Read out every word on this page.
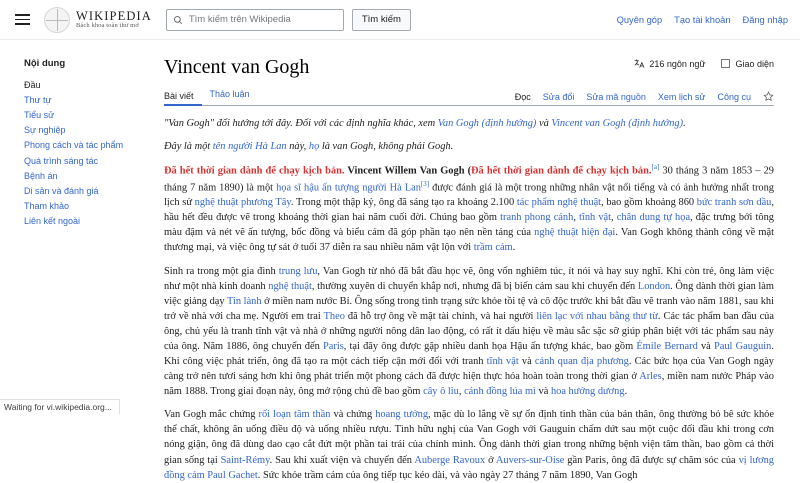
WIKIPEDIA
Bách khoa toàn thư mở
Tìm kiếm trên Wikipedia	Tìm kiếm	Quyên góp Tạo tài khoản Đăng nhập
Nội dung
Đầu
Thư tự
Tiểu sử
Sự nghiệp
Phong cách và tác phẩm
Quá trình sáng tác
Bệnh án
Di sản và đánh giá
Tham khảo
Liên kết ngoài
216 ngôn ngữ	Giao diện
Vincent van Gogh
Bài viết	Thảo luận	Đọc Sửa đổi Sửa mã nguồn Xem lịch sử Công cụ

"Van Gogh" đổi hướng tới đây. Đối với các định nghĩa khác, xem Van Gogh (định hướng) và Vincent van Gogh (định hướng).

Đây là một tên người Hà Lan này, họ là van Gogh, không phải Gogh.

Đã hết thời gian dành để chạy kịch bản. Vincent Willem Van Gogh (Đã hết thời gian dành để chạy kịch bản.[a] 30 tháng 3 năm 1853 – 29 tháng 7 năm 1890) là một họa sĩ hậu ấn tượng người Hà Lan[3] được đánh giá là một trong những nhân vật nổi tiếng và có ảnh hưởng nhất trong lịch sử nghệ thuật phương Tây. Trong một thập kỷ, ông đã sáng tạo ra khoảng 2.100 tác phẩm nghệ thuật, bao gồm khoảng 860 bức tranh sơn dầu, hầu hết đều được vẽ trong khoảng thời gian hai năm cuối đời. Chúng bao gồm tranh phong cảnh, tĩnh vật, chân dung tự họa, đặc trưng bởi tông màu đậm và nét vẽ ấn tượng, bốc đồng và biểu cảm đã góp phần tạo nên nền tảng của nghệ thuật hiện đại. Van Gogh không thành công về mặt thương mại, và việc ông tự sát ở tuổi 37 diễn ra sau nhiều năm vật lộn với trầm cảm.

Sinh ra trong một gia đình trung lưu, Van Gogh từ nhỏ đã bắt đầu học vẽ, ông vốn nghiêm túc, ít nói và hay suy nghĩ. Khi còn trẻ, ông làm việc như một nhà kinh doanh nghệ thuật, thường xuyên di chuyển khắp nơi, nhưng đã bị biến cảm sau khi chuyển đến London. Ông dành thời gian làm việc giảng dạy Tin lành ở miền nam nước Bỉ. Ông sống trong tình trạng sức khỏe tồi tệ và cô độc trước khi bắt đầu vẽ tranh vào năm 1881, sau khi trở về nhà với cha mẹ. Người em trai Theo đã hỗ trợ ông về mặt tài chính, và hai người liên lạc với nhau bằng thư từ. Các tác phẩm ban đầu của ông, chủ yếu là tranh tĩnh vật và nhà ở những người nông dân lao động, có rất ít dấu hiệu về màu sắc sặc sỡ giúp phân biệt với tác phẩm sau này của ông. Năm 1886, ông chuyển đến Paris, tại đây ông được gặp nhiều danh họa Hậu ấn tượng khác, bao gồm Émile Bernard và Paul Gauguin. Khi công việc phát triển, ông đã tạo ra một cách tiếp cận mới đối với tranh tĩnh vật và cảnh quan địa phương. Các bức họa của Van Gogh ngày càng trở nên tươi sáng hơn khi ông phát triển một phong cách đã được hiện thực hóa hoàn toàn trong thời gian ở Arles, miền nam nước Pháp vào năm 1888. Trong giai đoạn này, ông mở rộng chủ đề bao gồm cây ô liu, cánh đồng lúa mì và hoa hướng dương.

Van Gogh mắc chứng rối loạn tâm thần và chứng hoang tưởng, mặc dù lo lắng về sự ổn định tinh thần của bản thân, ông thường bỏ bê sức khỏe thể chất, không ăn uống điều độ và uống nhiều rượu. Tình hữu nghị của Van Gogh với Gauguin chấm dứt sau một cuộc đối đầu khi trong cơn nóng giận, ông đã dùng dao cạo cắt đứt một phần tai trái của chính mình. Ông dành thời gian trong những bệnh viện tâm thần, bao gồm cả thời gian sống tại Saint-Rémy. Sau khi xuất viện và chuyển đến Auberge Ravoux ở Auvers-sur-Oise gần Paris, ông đã được sự chăm sóc của vị lương đồng cảm Paul Gachet. Sức khỏe trầm cảm của ông tiếp tục kéo dài, và vào ngày 27 tháng 7 năm 1890, Van Gogh

Waiting for vi.wikipedia.org...
